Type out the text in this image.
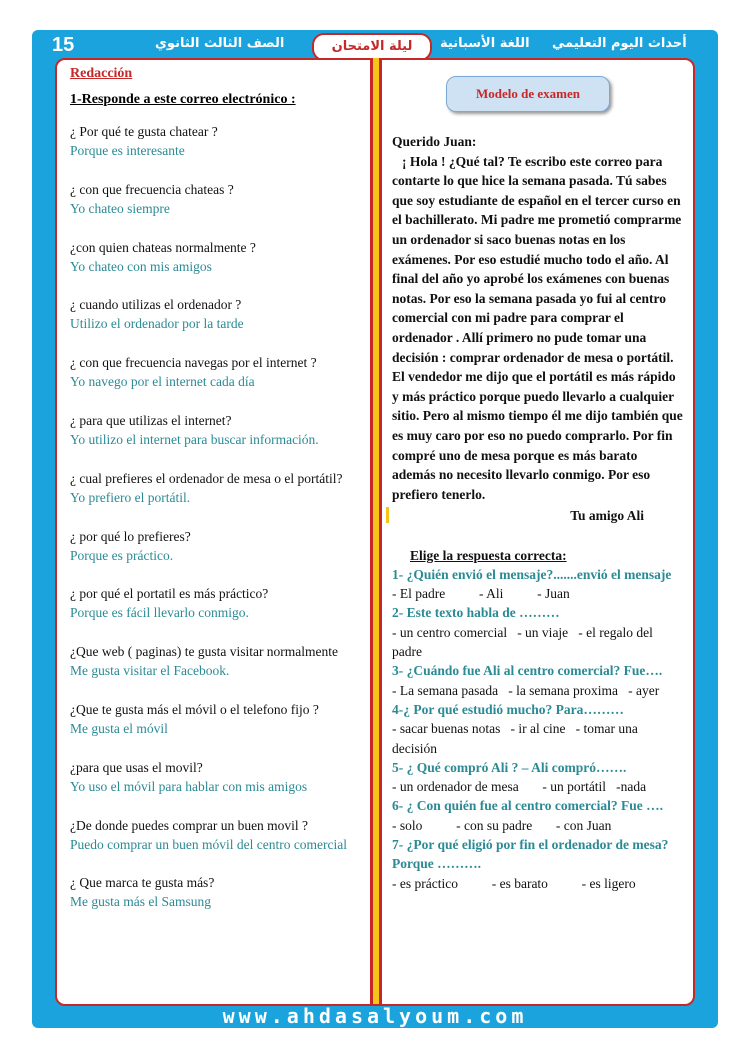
15	الصف الثالث الثانوي	ليلة الامتحان	اللغة الأسبانية أحداث اليوم التعليمي

Redacción

1-Responde a este correo electrónico :

¿ Por qué te gusta chatear ?
Porque es interesante
¿ con que frecuencia chateas ?
Yo chateo siempre
¿con quien chateas normalmente ?
Yo chateo con mis amigos
¿ cuando utilizas el ordenador ?
Utilizo el ordenador por la tarde
¿ con que frecuencia navegas por el internet ?
Yo navego por el internet cada día
¿ para que utilizas el internet?
Yo utilizo el internet para buscar información.
¿ cual prefieres el ordenador de mesa o el portátil?
Yo prefiero el portátil.
¿ por qué lo prefieres?
Porque es práctico.
¿ por qué el portatil es más práctico?
Porque es fácil llevarlo conmigo.
¿Que web ( paginas) te gusta visitar normalmente
Me gusta visitar el Facebook.
¿Que te gusta más el móvil o el telefono fijo ?
Me gusta el móvil
¿para que usas el movil?
Yo uso el móvil para hablar con mis amigos
¿De donde puedes comprar un buen movil ?
Puedo comprar un buen móvil del centro comercial
¿ Que marca te gusta más?
Me gusta más el Samsung
Modelo de examen

Querido Juan:

¡ Hola ! ¿Qué tal? Te escribo este correo para contarte lo que hice la semana pasada. Tú sabes que soy estudiante de español en el tercer curso en el bachillerato. Mi padre me prometió comprarme un ordenador si saco buenas notas en los exámenes. Por eso estudié mucho todo el año. Al final del año yo aprobé los exámenes con buenas notas. Por eso la semana pasada yo fui al centro comercial con mi padre para comprar el ordenador . Allí primero no pude tomar una decisión : comprar ordenador de mesa o portátil. El vendedor me dijo que el portátil es más rápido y más práctico porque puedo llevarlo a cualquier sitio. Pero al mismo tiempo él me dijo también que es muy caro por eso no puedo comprarlo. Por fin compré uno de mesa porque es más barato además no necesito llevarlo conmigo. Por eso prefiero tenerlo.

Tu amigo Ali

Elige la respuesta correcta:
1- ¿Quién envió el mensaje?.......envió el mensaje
- El padre          - Ali          - Juan
2- Este texto habla de ………
- un centro comercial   - un viaje   - el regalo del padre
3- ¿Cuándo fue Ali al centro comercial? Fue….
- La semana pasada   - la semana proxima   - ayer
4-¿ Por qué estudió mucho? Para………
- sacar buenas notas   - ir al cine   - tomar una decisión
5- ¿ Qué compró Ali ? – Ali compró…….
- un ordenador de mesa       - un portátil   -nada
6- ¿ Con quién fue al centro comercial? Fue ….
- solo          - con su padre       - con Juan
7- ¿Por qué eligió por fin el ordenador de mesa? Porque ……….
- es práctico          - es barato          - es ligero
www.ahdasalyoum.com
